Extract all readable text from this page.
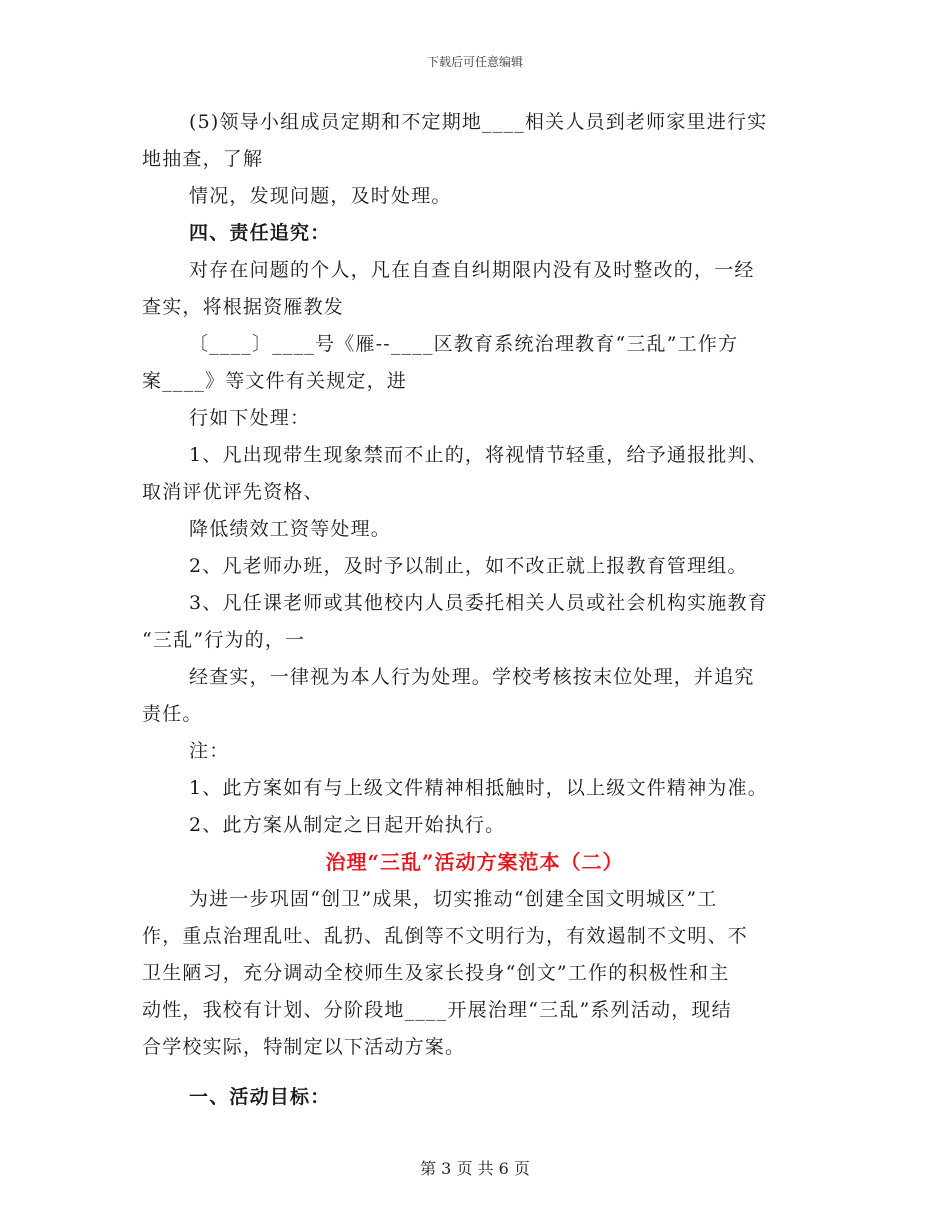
下载后可任意编辑
(5)领导小组成员定期和不定期地____相关人员到老师家里进行实
地抽查，了解
情况，发现问题，及时处理。
四、责任追究：
对存在问题的个人，凡在自查自纠期限内没有及时整改的，一经
查实，将根据资雁教发
〔____〕____号《雁--____区教育系统治理教育“三乱”工作方
案____》等文件有关规定，进
行如下处理：
1、凡出现带生现象禁而不止的，将视情节轻重，给予通报批判、
取消评优评先资格、
降低绩效工资等处理。
2、凡老师办班，及时予以制止，如不改正就上报教育管理组。
3、凡任课老师或其他校内人员委托相关人员或社会机构实施教育
“三乱”行为的，一
经查实，一律视为本人行为处理。学校考核按末位处理，并追究
责任。
注：
1、此方案如有与上级文件精神相抵触时，以上级文件精神为准。
2、此方案从制定之日起开始执行。
治理“三乱”活动方案范本（二）
为进一步巩固“创卫”成果，切实推动“创建全国文明城区”工
作，重点治理乱吐、乱扔、乱倒等不文明行为，有效遏制不文明、不
卫生陋习，充分调动全校师生及家长投身“创文”工作的积极性和主
动性，我校有计划、分阶段地____开展治理“三乱”系列活动，现结
合学校实际，特制定以下活动方案。
一、活动目标：
第 3 页 共 6 页
